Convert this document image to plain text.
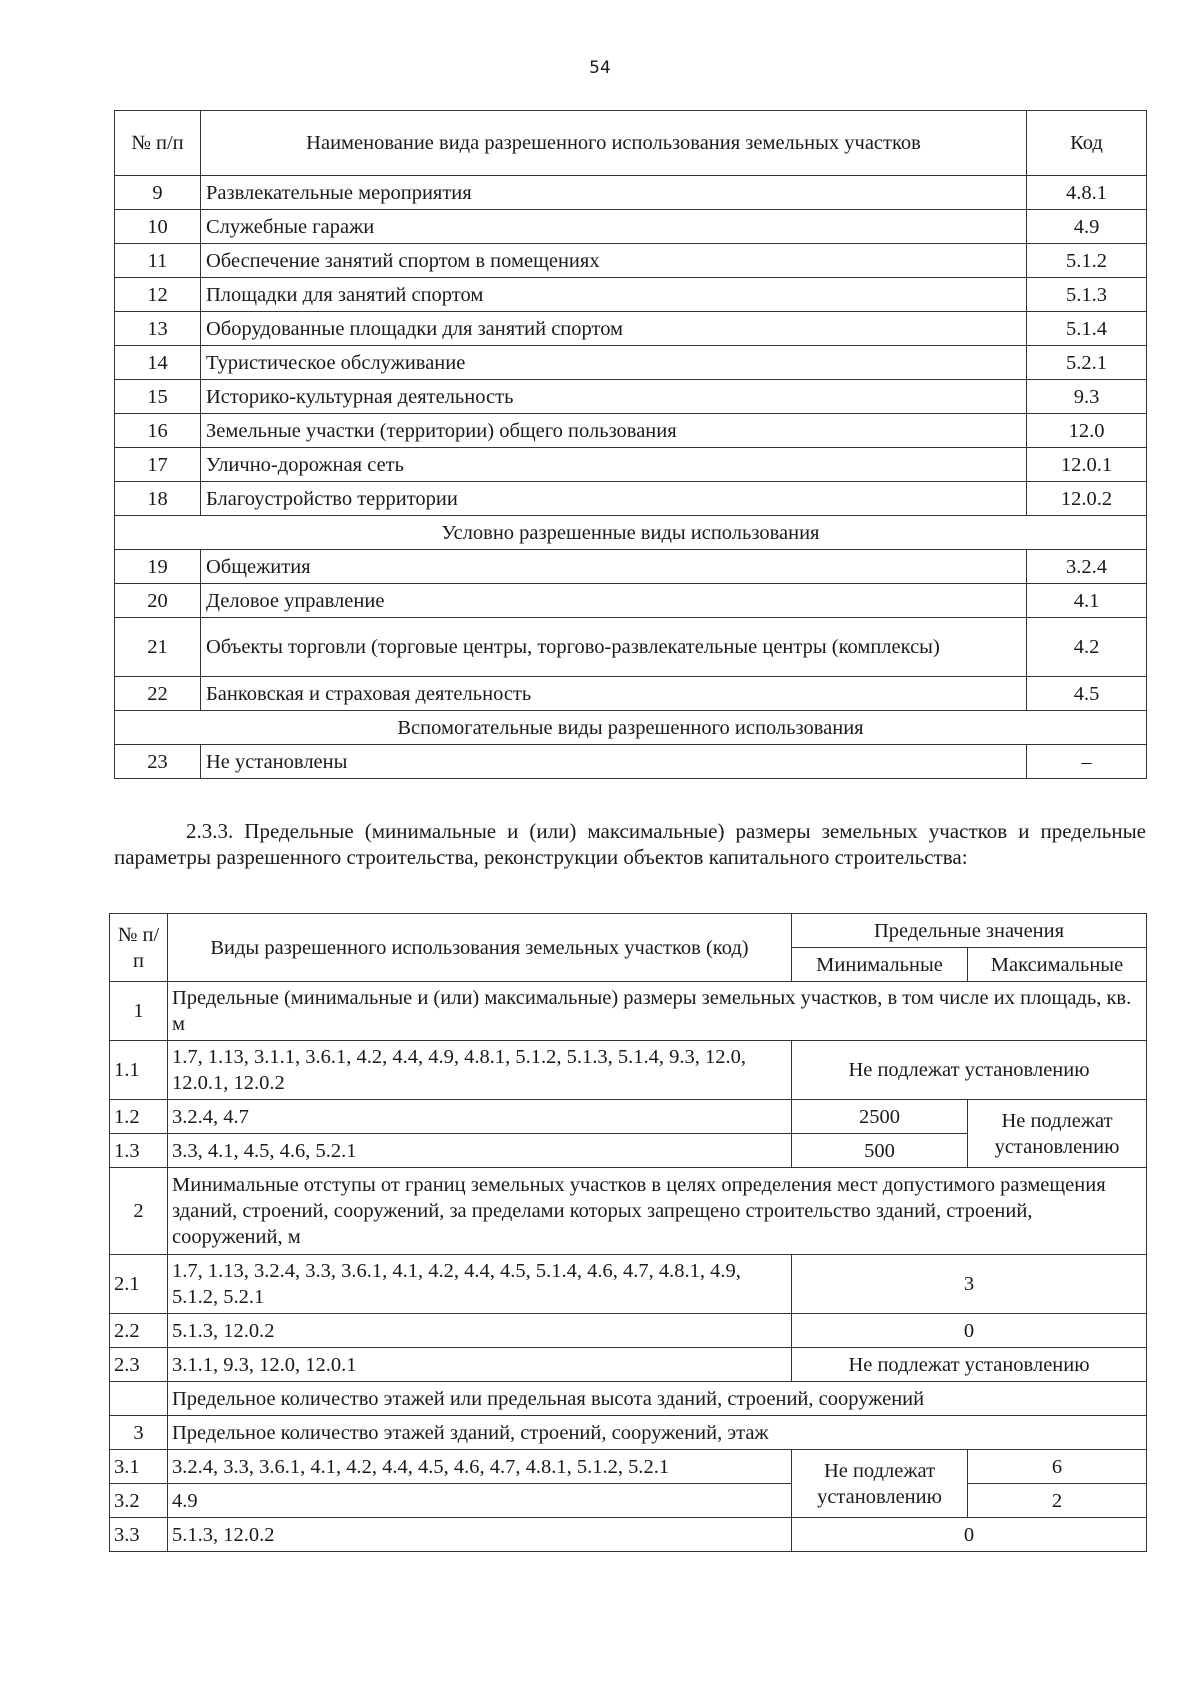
54
№ п/п	Наименование вида разрешенного использования земельных участков	Код
9	Развлекательные мероприятия	4.8.1
10	Служебные гаражи	4.9
11	Обеспечение занятий спортом в помещениях	5.1.2
12	Площадки для занятий спортом	5.1.3
13	Оборудованные площадки для занятий спортом	5.1.4
14	Туристическое обслуживание	5.2.1
15	Историко-культурная деятельность	9.3
16	Земельные участки (территории) общего пользования	12.0
17	Улично-дорожная сеть	12.0.1
18	Благоустройство территории	12.0.2
Условно разрешенные виды использования		
19	Общежития	3.2.4
20	Деловое управление	4.1
21	Объекты торговли (торговые центры, торгово-развлекательные центры (комплексы)	4.2
22	Банковская и страховая деятельность	4.5
Вспомогательные виды разрешенного использования		
23	Не установлены	–
2.3.3. Предельные (минимальные и (или) максимальные) размеры земельных участков и предельные параметры разрешенного строительства, реконструкции объектов капитального строительства:
№ п/п	Виды разрешенного использования земельных участков (код)	Предельные значения	
		Минимальные	Максимальные
1	Предельные (минимальные и (или) максимальные) размеры земельных участков, в том числе их площадь, кв. м		
1.1	1.7, 1.13, 3.1.1, 3.6.1, 4.2, 4.4, 4.9, 4.8.1, 5.1.2, 5.1.3, 5.1.4, 9.3, 12.0, 12.0.1, 12.0.2	Не подлежат установлению	
1.2	3.2.4, 4.7	2500	Не подлежат установлению
1.3	3.3, 4.1, 4.5, 4.6, 5.2.1	500	
2	Минимальные отступы от границ земельных участков в целях определения мест допустимого размещения зданий, строений, сооружений, за пределами которых запрещено строительство зданий, строений, сооружений, м		
2.1	1.7, 1.13, 3.2.4, 3.3, 3.6.1, 4.1, 4.2, 4.4, 4.5, 5.1.4, 4.6, 4.7, 4.8.1, 4.9, 5.1.2, 5.2.1	3	
2.2	5.1.3, 12.0.2	0	
2.3	3.1.1, 9.3, 12.0, 12.0.1	Не подлежат установлению	
	Предельное количество этажей или предельная высота зданий, строений, сооружений		
3	Предельное количество этажей зданий, строений, сооружений, этаж		
3.1	3.2.4, 3.3, 3.6.1, 4.1, 4.2, 4.4, 4.5, 4.6, 4.7, 4.8.1, 5.1.2, 5.2.1	Не подлежат установлению	6
3.2	4.9		2
3.3	5.1.3, 12.0.2	0	
